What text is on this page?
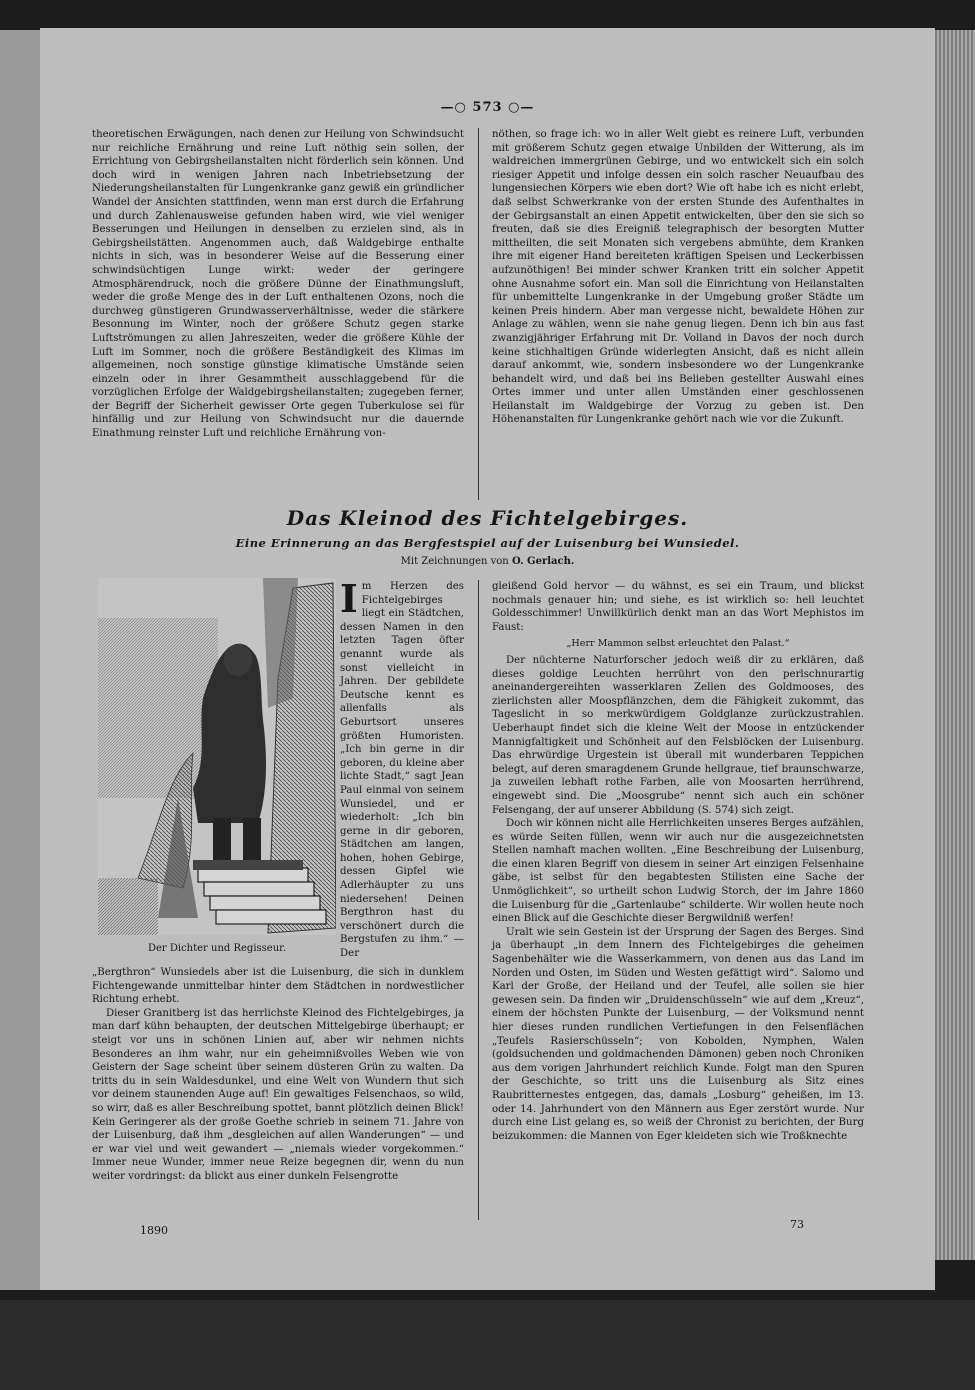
—○ 573 ○—

theoretischen Erwägungen, nach denen zur Heilung von Schwindsucht nur reichliche Ernährung und reine Luft nöthig sein sollen, der Errichtung von Gebirgsheilanstalten nicht förderlich sein können. Und doch wird in wenigen Jahren nach Inbetriebsetzung der Niederungsheilanstalten für Lungenkranke ganz gewiß ein gründlicher Wandel der Ansichten stattfinden, wenn man erst durch die Erfahrung und durch Zahlenausweise gefunden haben wird, wie viel weniger Besserungen und Heilungen in denselben zu erzielen sind, als in Gebirgsheilstätten. Angenommen auch, daß Waldgebirge enthalte nichts in sich, was in besonderer Weise auf die Besserung einer schwindsüchtigen Lunge wirkt: weder der geringere Atmosphärendruck, noch die größere Dünne der Einathmungsluft, weder die große Menge des in der Luft enthaltenen Ozons, noch die durchweg günstigeren Grundwasserverhältnisse, weder die stärkere Besonnung im Winter, noch der größere Schutz gegen starke Luftströmungen zu allen Jahreszeiten, weder die größere Kühle der Luft im Sommer, noch die größere Beständigkeit des Klimas im allgemeinen, noch sonstige günstige klimatische Umstände seien einzeln oder in ihrer Gesammtheit ausschlaggebend für die vorzüglichen Erfolge der Waldgebirgsheilanstalten; zugegeben ferner, der Begriff der Sicherheit gewisser Orte gegen Tuberkulose sei für hinfällig und zur Heilung von Schwindsucht nur die dauernde Einathmung reinster Luft und reichliche Ernährung von-

nöthen, so frage ich: wo in aller Welt giebt es reinere Luft, verbunden mit größerem Schutz gegen etwaige Unbilden der Witterung, als im waldreichen immergrünen Gebirge, und wo entwickelt sich ein solch riesiger Appetit und infolge dessen ein solch rascher Neuaufbau des lungensiechen Körpers wie eben dort? Wie oft habe ich es nicht erlebt, daß selbst Schwerkranke von der ersten Stunde des Aufenthaltes in der Gebirgsanstalt an einen Appetit entwickelten, über den sie sich so freuten, daß sie dies Ereigniß telegraphisch der besorgten Mutter mittheilten, die seit Monaten sich vergebens abmühte, dem Kranken ihre mit eigener Hand bereiteten kräftigen Speisen und Leckerbissen aufzunöthigen! Bei minder schwer Kranken tritt ein solcher Appetit ohne Ausnahme sofort ein. Man soll die Einrichtung von Heilanstalten für unbemittelte Lungenkranke in der Umgebung großer Städte um keinen Preis hindern. Aber man vergesse nicht, bewaldete Höhen zur Anlage zu wählen, wenn sie nahe genug liegen. Denn ich bin aus fast zwanzigjähriger Erfahrung mit Dr. Volland in Davos der noch durch keine stichhaltigen Gründe widerlegten Ansicht, daß es nicht allein darauf ankommt, wie, sondern insbesondere wo der Lungenkranke behandelt wird, und daß bei ins Belieben gestellter Auswahl eines Ortes immer und unter allen Umständen einer geschlossenen Heilanstalt im Waldgebirge der Vorzug zu geben ist. Den Höhenanstalten für Lungenkranke gehört nach wie vor die Zukunft.

Das Kleinod des Fichtelgebirges.
Eine Erinnerung an das Bergfestspiel auf der Luisenburg bei Wunsiedel.
Mit Zeichnungen von O. Gerlach.
Der Dichter und Regisseur.

Im Herzen des Fichtelgebirges liegt ein Städtchen, dessen Namen in den letzten Tagen öfter genannt wurde als sonst vielleicht in Jahren. Der gebildete Deutsche kennt es allenfalls als Geburtsort unseres größten Humoristen. „Ich bin gerne in dir geboren, du kleine aber lichte Stadt,“ sagt Jean Paul einmal von seinem Wunsiedel, und er wiederholt: „Ich bin gerne in dir geboren, Städtchen am langen, hohen, hohen Gebirge, dessen Gipfel wie Adlerhäupter zu uns niedersehen! Deinen Bergthron hast du verschönert durch die Bergstufen zu ihm.“ — Der

„Bergthron“ Wunsiedels aber ist die Luisenburg, die sich in dunklem Fichtengewande unmittelbar hinter dem Städtchen in nordwestlicher Richtung erhebt.

Dieser Granitberg ist das herrlichste Kleinod des Fichtelgebirges, ja man darf kühn behaupten, der deutschen Mittelgebirge überhaupt; er steigt vor uns in schönen Linien auf, aber wir nehmen nichts Besonderes an ihm wahr, nur ein geheimnißvolles Weben wie von Geistern der Sage scheint über seinem düsteren Grün zu walten. Da tritts du in sein Waldesdunkel, und eine Welt von Wundern thut sich vor deinem staunenden Auge auf! Ein gewaltiges Felsenchaos, so wild, so wirr, daß es aller Beschreibung spottet, bannt plötzlich deinen Blick! Kein Geringerer als der große Goethe schrieb in seinem 71. Jahre von der Luisenburg, daß ihm „desgleichen auf allen Wanderungen“ — und er war viel und weit gewandert — „niemals wieder vorgekommen.“ Immer neue Wunder, immer neue Reize begegnen dir, wenn du nun weiter vordringst: da blickt aus einer dunkeln Felsengrotte

gleißend Gold hervor — du wähnst, es sei ein Traum, und blickst nochmals genauer hin; und siehe, es ist wirklich so: hell leuchtet Goldesschimmer! Unwillkürlich denkt man an das Wort Mephistos im Faust:

„Herr Mammon selbst erleuchtet den Palast.“

Der nüchterne Naturforscher jedoch weiß dir zu erklären, daß dieses goldige Leuchten herrührt von den perlschnurartig aneinandergereihten wasserklaren Zellen des Goldmooses, des zierlichsten aller Moospflänzchen, dem die Fähigkeit zukommt, das Tageslicht in so merkwürdigem Goldglanze zurückzustrahlen. Ueberhaupt findet sich die kleine Welt der Moose in entzückender Mannigfaltigkeit und Schönheit auf den Felsblöcken der Luisenburg. Das ehrwürdige Urgestein ist überall mit wunderbaren Teppichen belegt, auf deren smaragdenem Grunde hellgraue, tief braunschwarze, ja zuweilen lebhaft rothe Farben, alle von Moosarten herrührend, eingewebt sind. Die „Moosgrube“ nennt sich auch ein schöner Felsengang, der auf unserer Abbildung (S. 574) sich zeigt.

Doch wir können nicht alle Herrlichkeiten unseres Berges aufzählen, es würde Seiten füllen, wenn wir auch nur die ausgezeichnetsten Stellen namhaft machen wollten. „Eine Beschreibung der Luisenburg, die einen klaren Begriff von diesem in seiner Art einzigen Felsenhaine gäbe, ist selbst für den begabtesten Stilisten eine Sache der Unmöglichkeit“, so urtheilt schon Ludwig Storch, der im Jahre 1860 die Luisenburg für die „Gartenlaube“ schilderte. Wir wollen heute noch einen Blick auf die Geschichte dieser Bergwildniß werfen!

Uralt wie sein Gestein ist der Ursprung der Sagen des Berges. Sind ja überhaupt „in dem Innern des Fichtelgebirges die geheimen Sagenbehälter wie die Wasserkammern, von denen aus das Land im Norden und Osten, im Süden und Westen gefättigt wird“. Salomo und Karl der Große, der Heiland und der Teufel, alle sollen sie hier gewesen sein. Da finden wir „Druidenschüsseln“ wie auf dem „Kreuz“, einem der höchsten Punkte der Luisenburg, — der Volksmund nennt hier dieses runden rundlichen Vertiefungen in den Felsenflächen „Teufels Rasierschüsseln“; von Kobolden, Nymphen, Walen (goldsuchenden und goldmachenden Dämonen) geben noch Chroniken aus dem vorigen Jahrhundert reichlich Kunde. Folgt man den Spuren der Geschichte, so tritt uns die Luisenburg als Sitz eines Raubritternestes entgegen, das, damals „Losburg“ geheißen, im 13. oder 14. Jahrhundert von den Männern aus Eger zerstört wurde. Nur durch eine List gelang es, so weiß der Chronist zu berichten, der Burg beizukommen: die Mannen von Eger kleideten sich wie Troßknechte

1890	73
